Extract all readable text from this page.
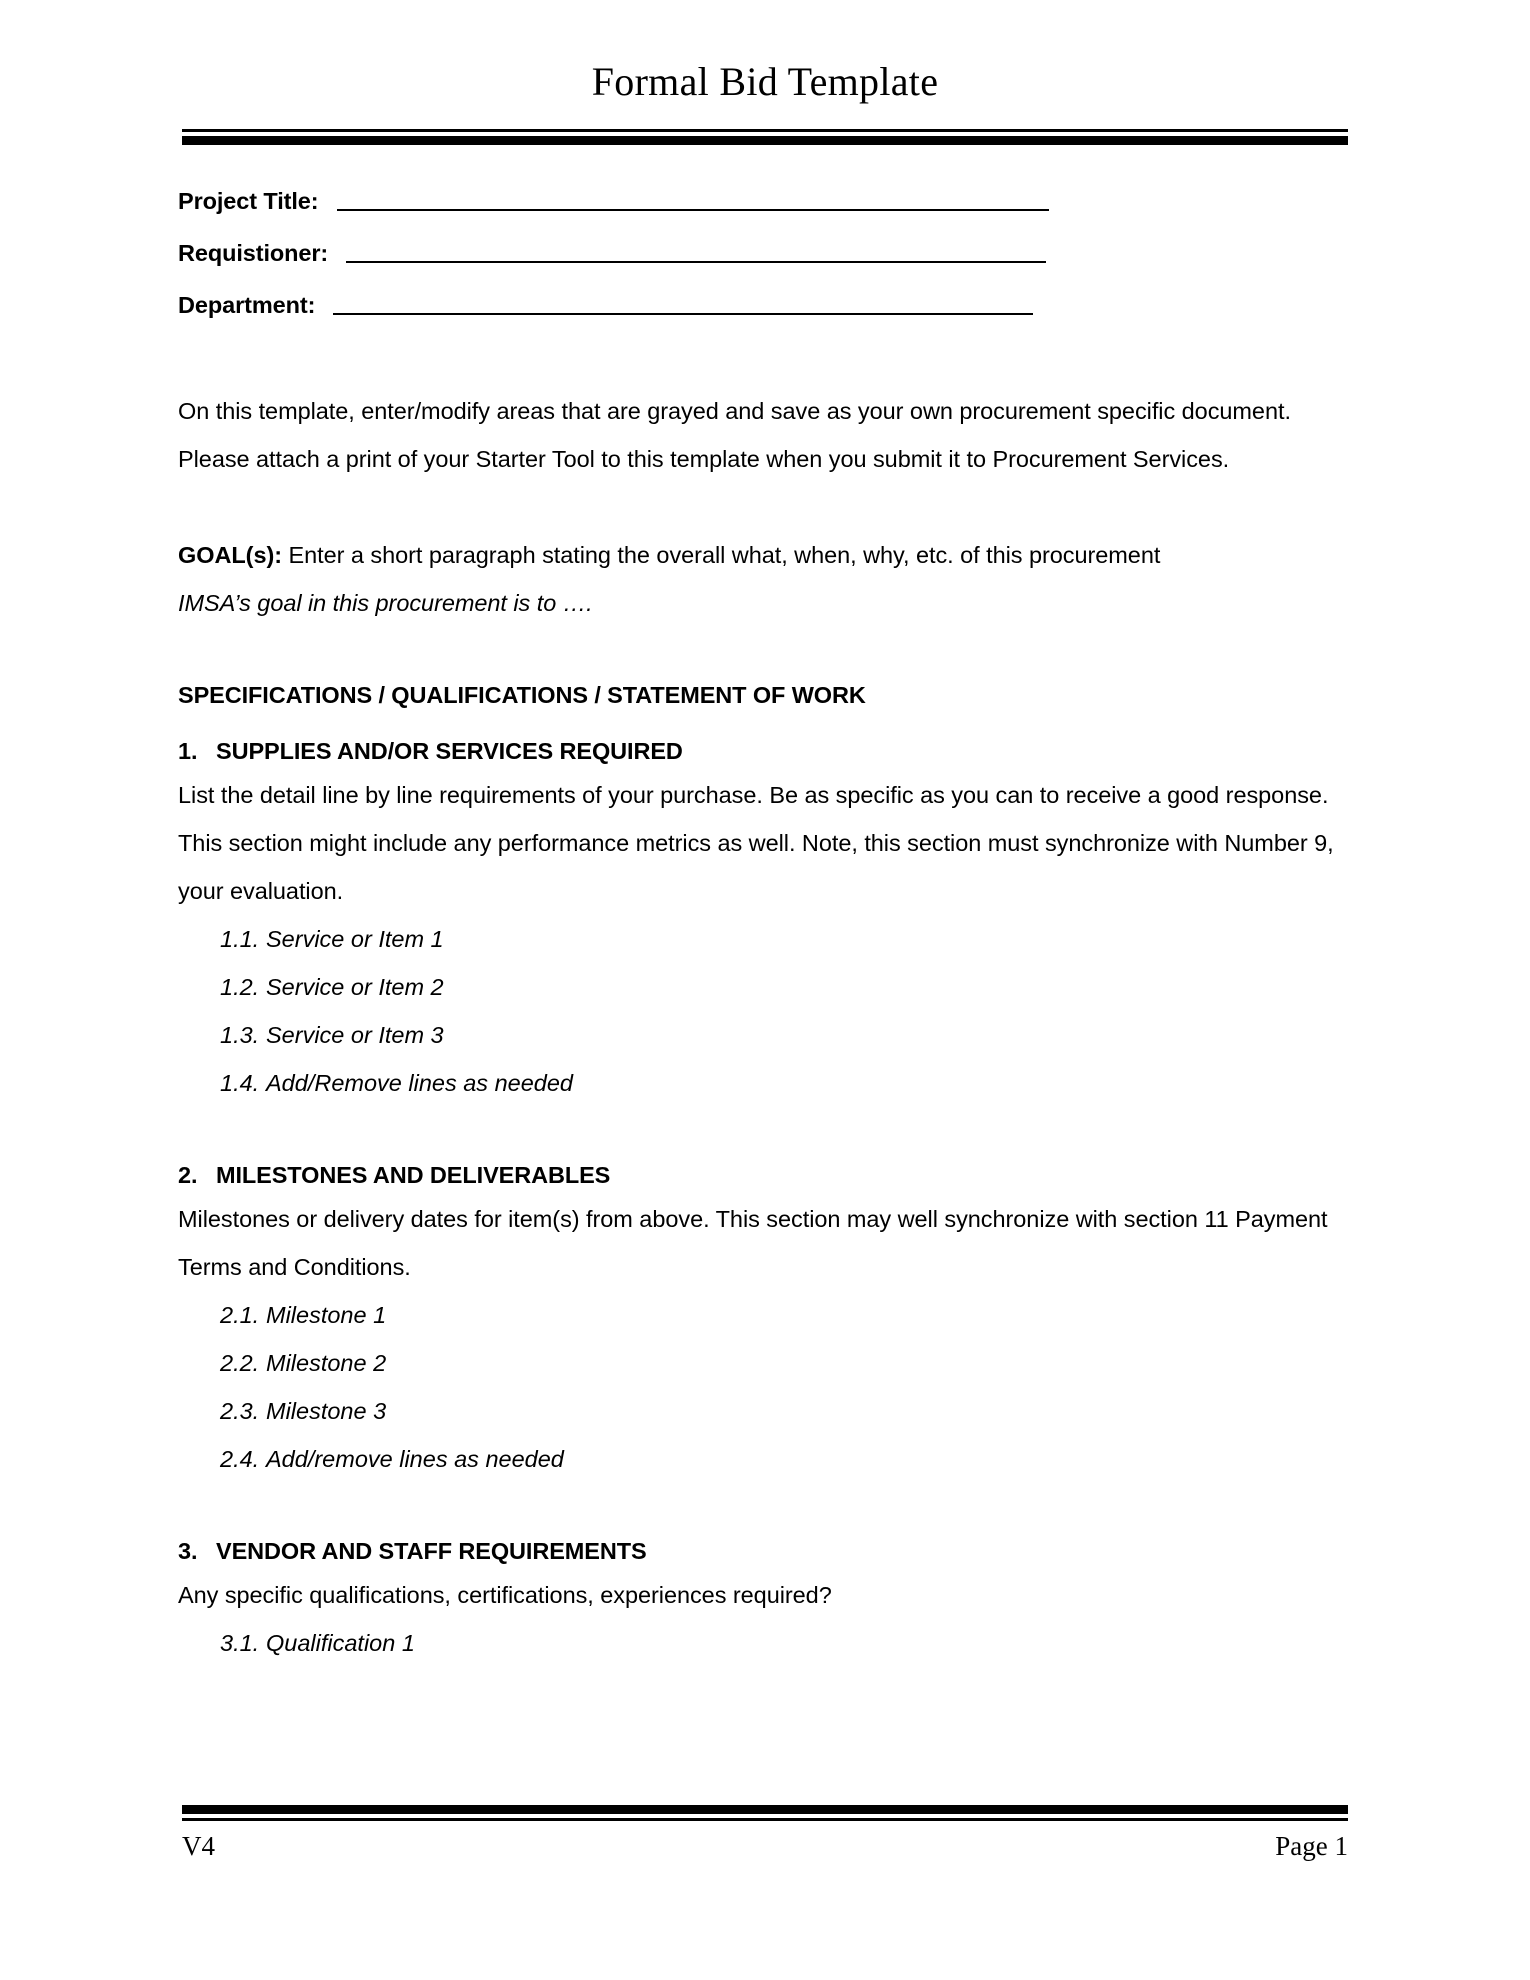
Formal Bid Template
Project Title:
Requistioner:
Department:

On this template, enter/modify areas that are grayed and save as your own procurement specific document.

Please attach a print of your Starter Tool to this template when you submit it to Procurement Services.

GOAL(s): Enter a short paragraph stating the overall what, when, why, etc. of this procurement

IMSA’s goal in this procurement is to ….

SPECIFICATIONS / QUALIFICATIONS / STATEMENT OF WORK

1. SUPPLIES AND/OR SERVICES REQUIRED

List the detail line by line requirements of your purchase. Be as specific as you can to receive a good response. This section might include any performance metrics as well. Note, this section must synchronize with Number 9, your evaluation.

1.1. Service or Item 1
1.2. Service or Item 2
1.3. Service or Item 3
1.4. Add/Remove lines as needed
2. MILESTONES AND DELIVERABLES

Milestones or delivery dates for item(s) from above. This section may well synchronize with section 11 Payment Terms and Conditions.

2.1. Milestone 1
2.2. Milestone 2
2.3. Milestone 3
2.4. Add/remove lines as needed
3. VENDOR AND STAFF REQUIREMENTS

Any specific qualifications, certifications, experiences required?

3.1. Qualification 1
V4	Page 1
